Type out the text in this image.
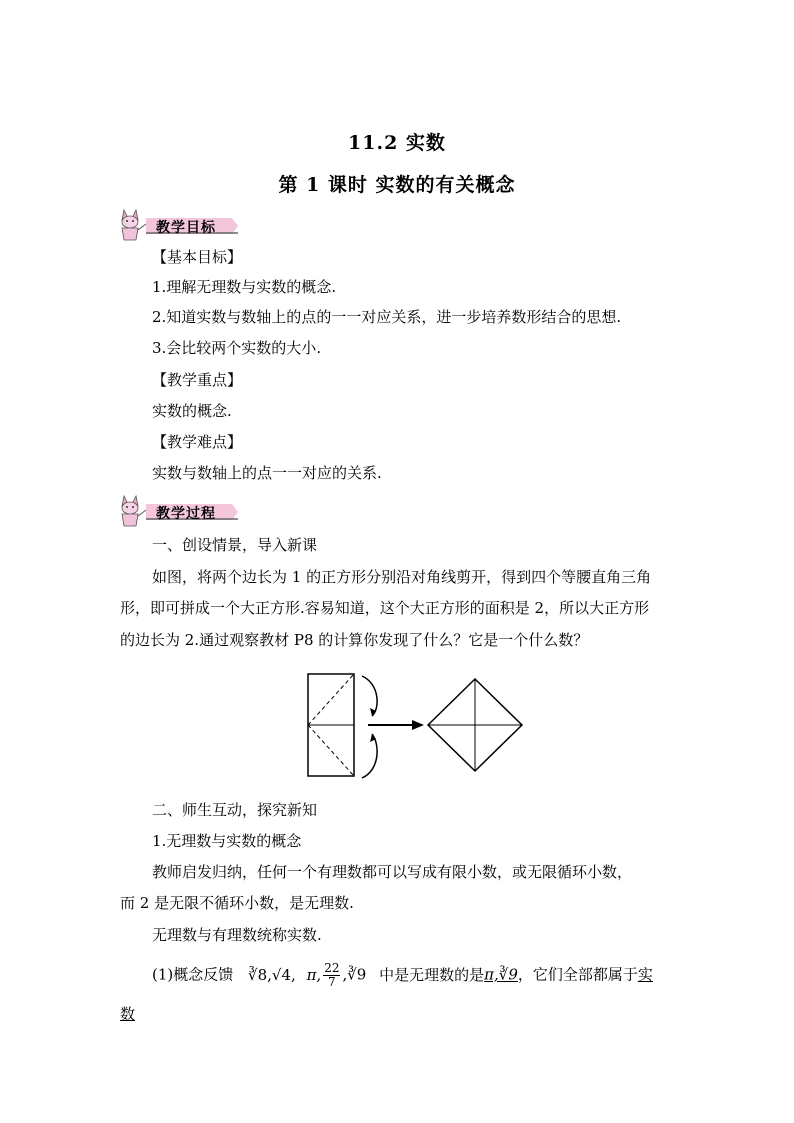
11.2 实数
第 1 课时 实数的有关概念
教学目标
【基本目标】
1.理解无理数与实数的概念.
2.知道实数与数轴上的点的一一对应关系，进一步培养数形结合的思想.
3.会比较两个实数的大小.
【教学重点】
实数的概念.
【教学难点】
实数与数轴上的点一一对应的关系.
教学过程
一、创设情景，导入新课
如图，将两个边长为 1 的正方形分别沿对角线剪开，得到四个等腰直角三角
形，即可拼成一个大正方形.容易知道，这个大正方形的面积是 2，所以大正方形
的边长为 2.通过观察教材 P8 的计算你发现了什么？它是一个什么数？
二、师生互动，探究新知
1.无理数与实数的概念
教师启发归纳，任何一个有理数都可以写成有限小数，或无限循环小数，
而 2 是无限不循环小数，是无理数.
无理数与有理数统称实数.
(1)概念反馈 ∛8,√4, π, $\frac{22}{7}$ ,∛9 中是无理数的是π,∛9，它们全部都属于实
数
